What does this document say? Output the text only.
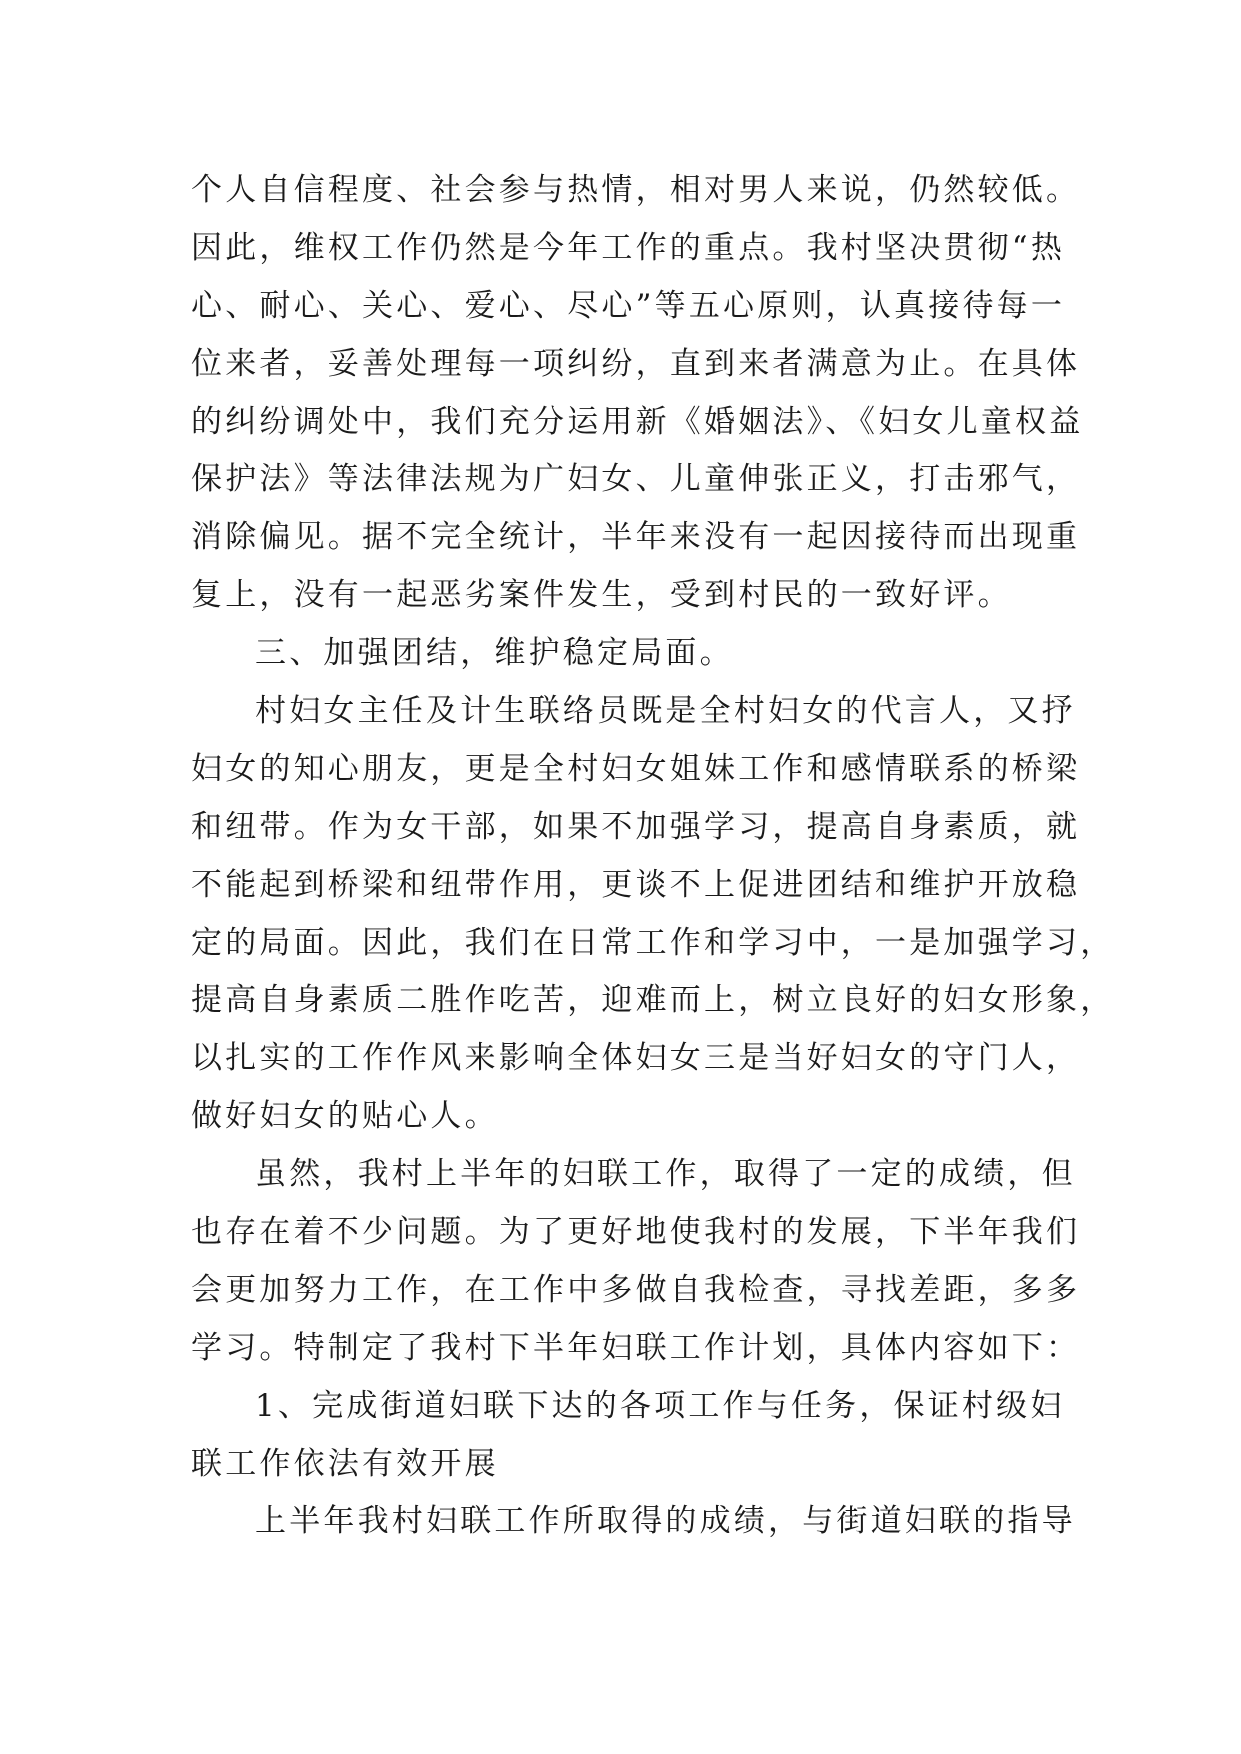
个人自信程度、社会参与热情，相对男人来说，仍然较低。
因此，维权工作仍然是今年工作的重点。我村坚决贯彻“热
心、耐心、关心、爱心、尽心”等五心原则，认真接待每一
位来者，妥善处理每一项纠纷，直到来者满意为止。在具体
的纠纷调处中，我们充分运用新《婚姻法》、《妇女儿童权益
保护法》等法律法规为广妇女、儿童伸张正义，打击邪气，
消除偏见。据不完全统计，半年来没有一起因接待而出现重
复上，没有一起恶劣案件发生，受到村民的一致好评。
三、加强团结，维护稳定局面。
村妇女主任及计生联络员既是全村妇女的代言人，又抒
妇女的知心朋友，更是全村妇女姐妹工作和感情联系的桥梁
和纽带。作为女干部，如果不加强学习，提高自身素质，就
不能起到桥梁和纽带作用，更谈不上促进团结和维护开放稳
定的局面。因此，我们在日常工作和学习中，一是加强学习，
提高自身素质二胜作吃苦，迎难而上，树立良好的妇女形象，
以扎实的工作作风来影响全体妇女三是当好妇女的守门人，
做好妇女的贴心人。
虽然，我村上半年的妇联工作，取得了一定的成绩，但
也存在着不少问题。为了更好地使我村的发展，下半年我们
会更加努力工作，在工作中多做自我检查，寻找差距，多多
学习。特制定了我村下半年妇联工作计划，具体内容如下：
1、完成街道妇联下达的各项工作与任务，保证村级妇
联工作依法有效开展
上半年我村妇联工作所取得的成绩，与街道妇联的指导
